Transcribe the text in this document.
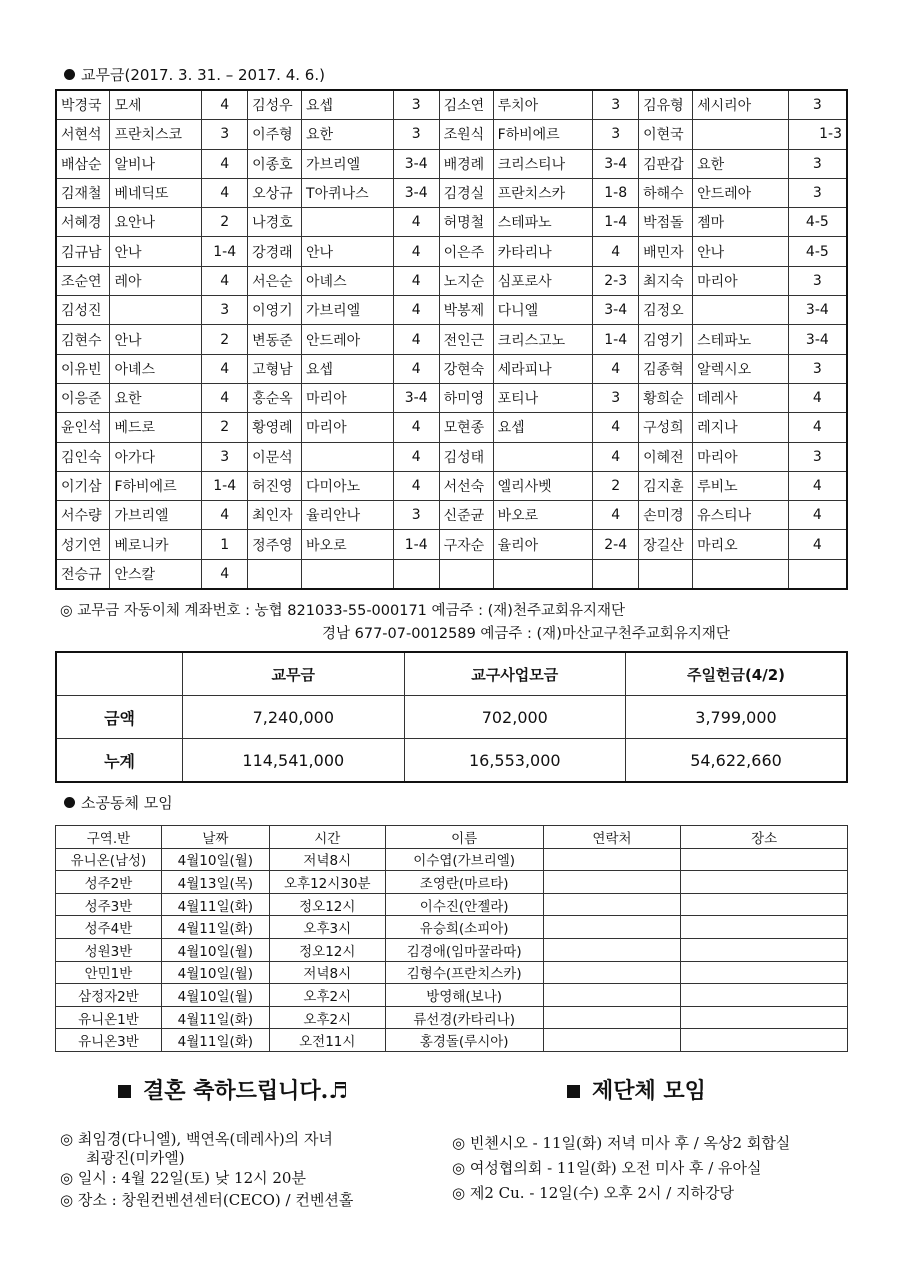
교무금(2017. 3. 31. – 2017. 4. 6.)
박경국	모세	4	김성우	요셉	3	김소연	루치아	3	김유형	세시리아	3
서현석	프란치스코	3	이주형	요한	3	조원식	F하비에르	3	이현국		1-3
배삼순	알비나	4	이종호	가브리엘	3-4	배경례	크리스티나	3-4	김판갑	요한	3
김재철	베네딕또	4	오상규	T아퀴나스	3-4	김경실	프란치스카	1-8	하해수	안드레아	3
서혜경	요안나	2	나경호		4	허명철	스테파노	1-4	박점돌	젬마	4-5
김규남	안나	1-4	강경래	안나	4	이은주	카타리나	4	배민자	안나	4-5
조순연	레아	4	서은순	아녜스	4	노지순	심포로사	2-3	최지숙	마리아	3
김성진		3	이영기	가브리엘	4	박봉제	다니엘	3-4	김정오		3-4
김현수	안나	2	변동준	안드레아	4	전인근	크리스고노	1-4	김영기	스테파노	3-4
이유빈	아녜스	4	고형남	요셉	4	강현숙	세라피나	4	김종혁	알렉시오	3
이응준	요한	4	홍순옥	마리아	3-4	하미영	포티나	3	황희순	데레사	4
윤인석	베드로	2	황영례	마리아	4	모현종	요셉	4	구성희	레지나	4
김인숙	아가다	3	이문석		4	김성태		4	이혜전	마리아	3
이기삼	F하비에르	1-4	허진영	다미아노	4	서선숙	엘리사벳	2	김지훈	루비노	4
서수량	가브리엘	4	최인자	율리안나	3	신준균	바오로	4	손미경	유스티나	4
성기연	베로니카	1	정주영	바오로	1-4	구자순	율리아	2-4	장길산	마리오	4
전승규	안스칼	4									
◎ 교무금 자동이체 계좌번호 : 농협 821033-55-000171 예금주 : (재)천주교회유지재단
경남 677-07-0012589 예금주 : (재)마산교구천주교회유지재단
	교무금	교구사업모금	주일헌금(4/2)
금액	7,240,000	702,000	3,799,000
누계	114,541,000	16,553,000	54,622,660
소공동체 모임
구역.반	날짜	시간	이름	연락처	장소
유니온(남성)	4월10일(월)	저녁8시	이수엽(가브리엘)		
성주2반	4월13일(목)	오후12시30분	조영란(마르타)		
성주3반	4월11일(화)	정오12시	이수진(안젤라)		
성주4반	4월11일(화)	오후3시	유승희(소피아)		
성원3반	4월10일(월)	정오12시	김경애(임마꿀라따)		
안민1반	4월10일(월)	저녁8시	김형수(프란치스카)		
삼정자2반	4월10일(월)	오후2시	방영해(보나)		
유니온1반	4월11일(화)	오후2시	류선경(카타리나)		
유니온3반	4월11일(화)	오전11시	홍경돌(루시아)		
결혼 축하드립니다.♬	제단체 모임
◎ 최임경(다니엘), 백연옥(데레사)의 자녀
최광진(미카엘)
◎ 일시 : 4월 22일(토) 낮 12시 20분
◎ 장소 : 창원컨벤션센터(CECO) / 컨벤션홀
◎ 빈첸시오 - 11일(화) 저녁 미사 후 / 옥상2 회합실
◎ 여성협의회 - 11일(화) 오전 미사 후 / 유아실
◎ 제2 Cu. - 12일(수) 오후 2시 / 지하강당
